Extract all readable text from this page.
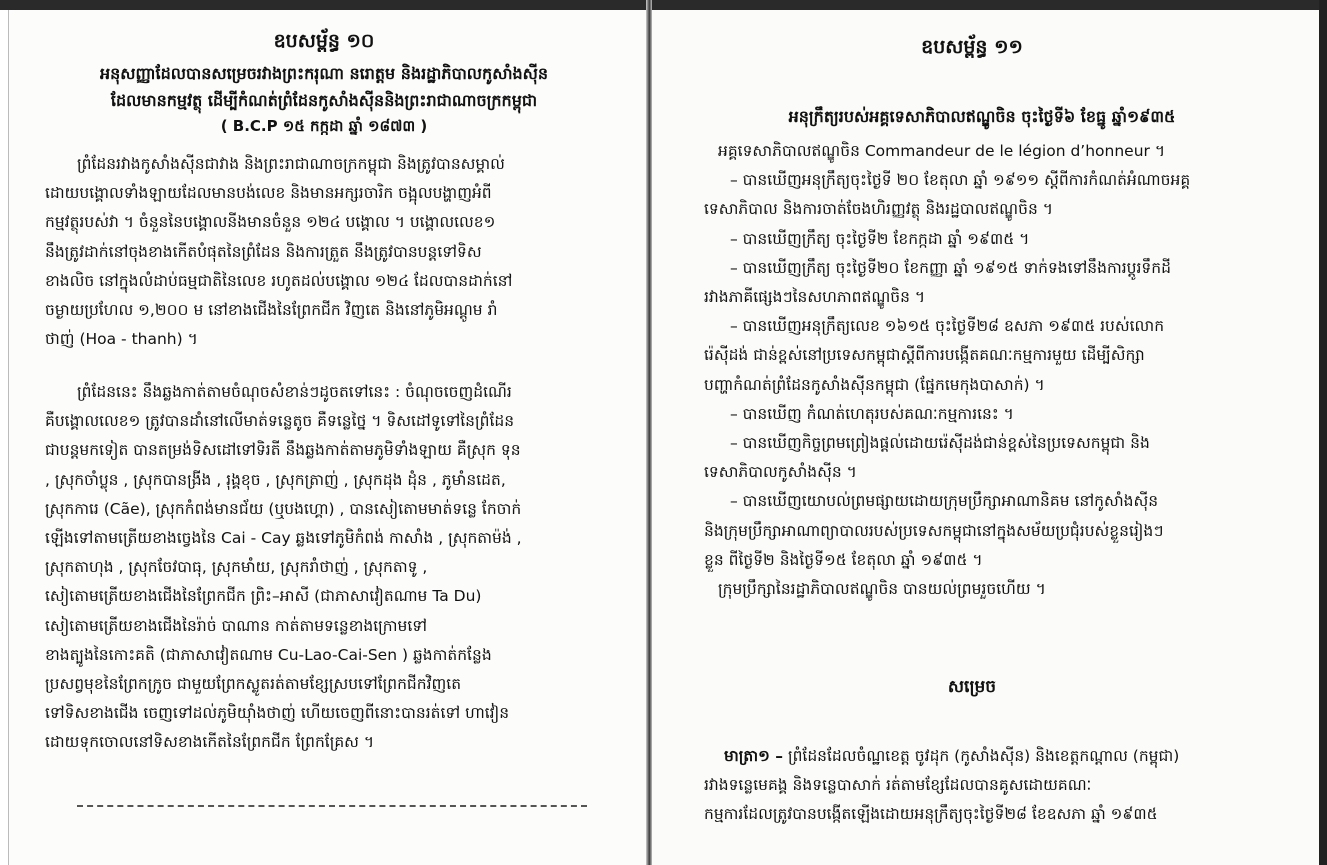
ឧបសម្ព័ន្ធ ១០
អនុសញ្ញាដែលបានសម្រេចរវាងព្រះករុណា នរោត្តម និងរដ្ឋាភិបាលកូសាំងស៊ីន
ដែលមានកម្មវត្ថុ ដើម្បីកំណត់ព្រំដែនកូសាំងស៊ីននិងព្រះរាជាណាចក្រកម្ពុជា
( B.C.P ១៥ កក្កដា ឆ្នាំ ១៨៧៣ )

ព្រំដែនរវាងកូសាំងស៊ីនជាវាង និងព្រះរាជាណាចក្រកម្ពុជា និងត្រូវបានសម្គាល់

ដោយបង្គោលទាំងឡាយដែលមានបង់លេខ និងមានអក្សរចារិក ចង្អុលបង្ហាញអំពី

កម្មវត្ថុរបស់វា ។ ចំនួននៃបង្គោលនីងមានចំនួន ១២៤ បង្គោល ។ បង្គោលលេខ១

នឹងត្រូវដាក់នៅចុងខាងកើតបំផុតនៃព្រំដែន និងការត្រួត នឹងត្រូវបានបន្តទៅទិស

ខាងលិច នៅក្នុងលំដាប់ធម្មជាតិនៃលេខ រហូតដល់បង្គោល ១២៤ ដែលបានដាក់នៅ

ចម្ងាយប្រហែល ១,២០០ ម នៅខាងជើងនៃព្រែកជីក វិញតេ និងនៅភូមិអណ្តូម រាំ

ថាញ់ (Hoa - thanh) ។

ព្រំដែននេះ នឹងឆ្លងកាត់តាមចំណុចសំខាន់ៗដូចតទៅនេះ : ចំណុចចេញដំណើរ

គឺបង្គោលលេខ១ ត្រូវបានដាំនៅលើមាត់ទន្លេតូច គឺទន្លេថ្នៃ ។ ទិសដៅទូទៅនៃព្រំដែន

ជាបន្តមកទៀត បានតម្រង់ទិសដៅទៅទិរតី នឹងឆ្លងកាត់តាមភូមិទាំងឡាយ គឺស្រុក ទុន

, ស្រុកចាំប្លុន , ស្រុកបានង្រីង , រុង្គខុច , ស្រុកត្រាញ់ , ស្រុកដុង ដុំន , ភូមាំនដេត,

ស្រុកការេ (Cãe), ស្រុកកំពង់មានជ័យ (ឬបងហ្គោ) , បានសៀតោមមាត់ទន្លេ កែចាក់

ឡើងទៅតាមត្រើយខាងច្វេងនៃ Cai - Cay ឆ្លងទៅភូមិកំពង់ កាសាំង , ស្រុកតាម៉ង់ ,

ស្រុកតាហុង , ស្រុកចែវបាធុ, ស្រុកមាំយ, ស្រុករាំថាញ់ , ស្រុកតាទូ ,

សៀតោមត្រើយខាងជើងនៃព្រែកជីក ព្រិះ–អាសី (ជាភាសាវៀតណាម Ta Du)

សៀតោមត្រើយខាងជើងនៃរ៉ាច់ បាណាន កាត់តាមទន្លេខាងក្រោមទៅ

ខាងត្បូងនៃកោះគតិ (ជាភាសាវៀតណាម Cu-Lao-Cai-Sen ) ឆ្លងកាត់កន្លែង

ប្រសព្វមុខនៃព្រែកក្រូច ជាមួយព្រែកស្លូតរត់តាមខ្សែស្របទៅព្រែកជីកវិញតេ

ទៅទិសខាងជើង ចេញទៅដល់ភូមិយ៉ាំងថាញ់ ហើយចេញពីនោះបានរត់ទៅ ហាវៀន

ដោយទុកចោលនៅទិសខាងកើតនៃព្រែកជីក ព្រែកគ្រែស ។

ឧបសម្ព័ន្ធ ១១
អនុក្រឹត្យរបស់អគ្គទេសាភិបាលឥណ្ឌូចិន ចុះថ្ងៃទី៦ ខែធ្នូ ឆ្នាំ១៩៣៥

អគ្គទេសាភិបាលឥណ្ឌូចិន Commandeur de le légion d’honneur ។

– បានឃើញអនុក្រឹត្យចុះថ្ងៃទី ២០ ខែតុលា ឆ្នាំ ១៩១១ ស្តីពីការកំណត់អំណាចអគ្គ

ទេសាភិបាល និងការចាត់ចែងហិរញ្ញវត្ថុ និងរដ្ឋបាលឥណ្ឌូចិន ។

– បានឃើញក្រឹត្យ ចុះថ្ងៃទី២ ខែកក្កដា ឆ្នាំ ១៩៣៥ ។

– បានឃើញក្រឹត្យ ចុះថ្ងៃទី២០ ខែកញ្ញា ឆ្នាំ ១៩១៥ ទាក់ទងទៅនឹងការប្តូរទឹកដី

រវាងភាគីផ្សេងៗនៃសហភាពឥណ្ឌូចិន ។

– បានឃើញអនុក្រឹត្យលេខ ១៦១៥ ចុះថ្ងៃទី២៨ ឧសភា ១៩៣៥ របស់លោក

រ៉េស៊ីដង់ ជាន់ខ្ពស់នៅប្រទេសកម្ពុជាស្តីពីការបង្កើតគណៈកម្មការមួយ ដើម្បីសិក្សា

បញ្ហាកំណត់ព្រំដែនកូសាំងស៊ីនកម្ពុជា (ផ្នែកមេកុងបាសាក់) ។

– បានឃើញ កំណត់ហេតុរបស់គណៈកម្មការនេះ ។

– បានឃើញកិច្ចព្រមព្រៀងផ្តល់ដោយរ៉េស៊ីដង់ជាន់ខ្ពស់នៃប្រទេសកម្ពុជា និង

ទេសាភិបាលកូសាំងស៊ីន ។

– បានឃើញយោបល់ព្រមផ្សាយដោយក្រុមប្រឹក្សាអាណានិគម នៅកូសាំងស៊ីន

និងក្រុមប្រឹក្សាអាណាព្យាបាលរបស់ប្រទេសកម្ពុជានៅក្នុងសម័យប្រជុំរបស់ខ្លួនរៀងៗ

ខ្លួន ពីថ្ងៃទី២ និងថ្ងៃទី១៥ ខែតុលា ឆ្នាំ ១៩៣៥ ។

ក្រុមប្រឹក្សានៃរដ្ឋាភិបាលឥណ្ឌូចិន បានយល់ព្រមរួចហើយ ។

សម្រេច

មាត្រា១ – ព្រំដែនដែលចំណ្ឋខេត្ត ចូវដុក (កូសាំងស៊ីន) និងខេត្តកណ្តាល (កម្ពុជា)

រវាងទន្លេមេគង្គ និងទន្លេបាសាក់ រត់តាមខ្សែដែលបានគូសដោយគណៈ

កម្មការដែលត្រូវបានបង្កើតឡើងដោយអនុក្រឹត្យចុះថ្ងៃទី២៨ ខែឧសភា ឆ្នាំ ១៩៣៥
